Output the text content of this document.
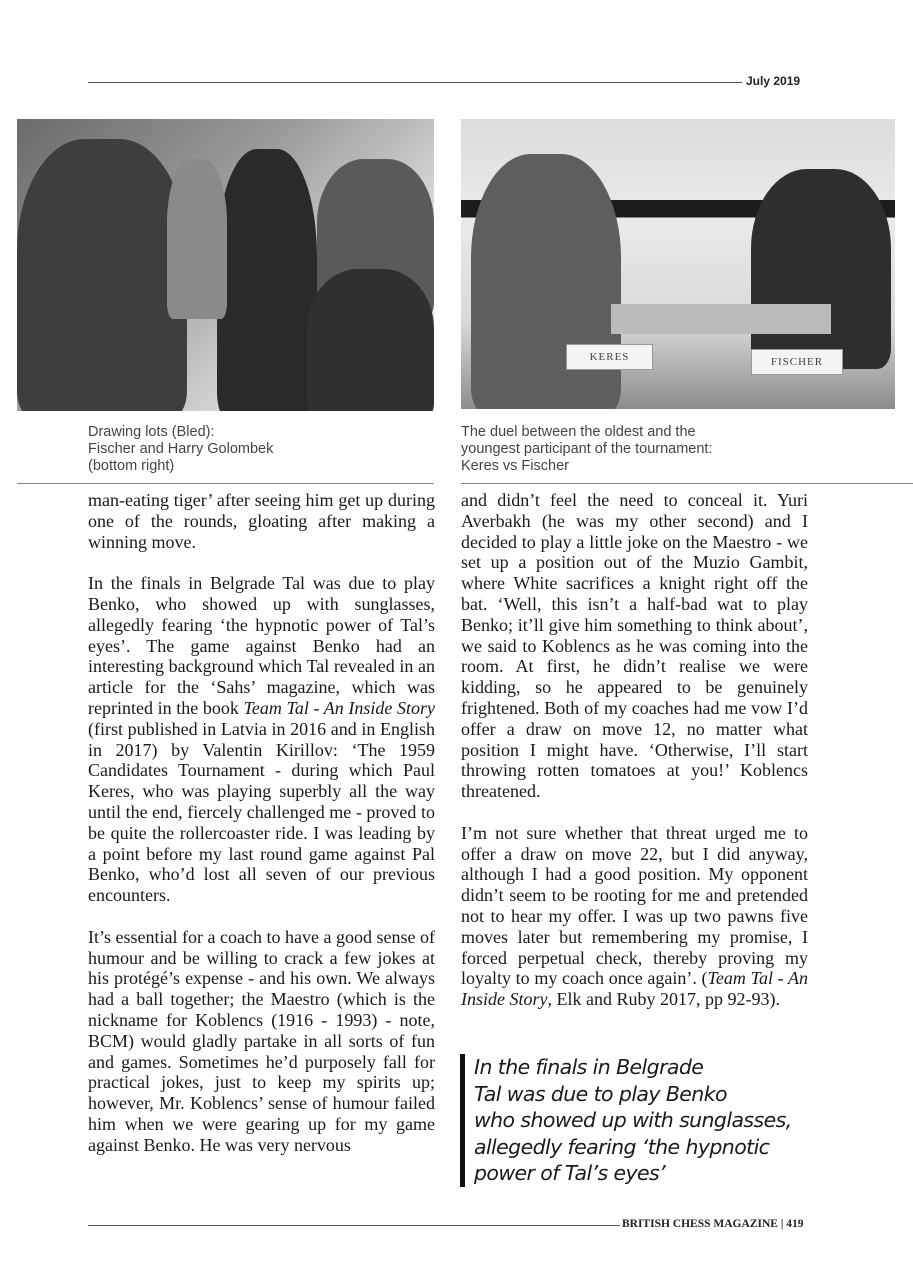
July 2019
KERES	FISCHER
Drawing lots (Bled):
Fischer and Harry Golombek
(bottom right)
The duel between the oldest and the
youngest participant of the tournament:
Keres vs Fischer

man-eating tiger’ after seeing him get up during one of the rounds, gloating after making a winning move.

In the finals in Belgrade Tal was due to play Benko, who showed up with sunglasses, allegedly fearing ‘the hypnotic power of Tal’s eyes’. The game against Benko had an interesting background which Tal revealed in an article for the ‘Sahs’ magazine, which was reprinted in the book Team Tal - An Inside Story (first published in Latvia in 2016 and in English in 2017) by Valentin Kirillov: ‘The 1959 Candidates Tournament - during which Paul Keres, who was playing superbly all the way until the end, fiercely challenged me - proved to be quite the rollercoaster ride. I was leading by a point before my last round game against Pal Benko, who’d lost all seven of our previous encounters.

It’s essential for a coach to have a good sense of humour and be willing to crack a few jokes at his protégé’s expense - and his own. We always had a ball together; the Maestro (which is the nickname for Koblencs (1916 - 1993) - note, BCM) would gladly partake in all sorts of fun and games. Sometimes he’d purposely fall for practical jokes, just to keep my spirits up; however, Mr. Koblencs’ sense of humour failed him when we were gearing up for my game against Benko. He was very nervous

and didn’t feel the need to conceal it. Yuri Averbakh (he was my other second) and I decided to play a little joke on the Maestro - we set up a position out of the Muzio Gambit, where White sacrifices a knight right off the bat. ‘Well, this isn’t a half-bad wat to play Benko; it’ll give him something to think about’, we said to Koblencs as he was coming into the room. At first, he didn’t realise we were kidding, so he appeared to be genuinely frightened. Both of my coaches had me vow I’d offer a draw on move 12, no matter what position I might have. ‘Otherwise, I’ll start throwing rotten tomatoes at you!’ Koblencs threatened.

I’m not sure whether that threat urged me to offer a draw on move 22, but I did anyway, although I had a good position. My opponent didn’t seem to be rooting for me and pretended not to hear my offer. I was up two pawns five moves later but remembering my promise, I forced perpetual check, thereby proving my loyalty to my coach once again’. (Team Tal - An Inside Story, Elk and Ruby 2017, pp 92-93).

In the finals in Belgrade
Tal was due to play Benko
who showed up with sunglasses,
allegedly fearing ‘the hypnotic
power of Tal’s eyes’
BRITISH CHESS MAGAZINE | 419
